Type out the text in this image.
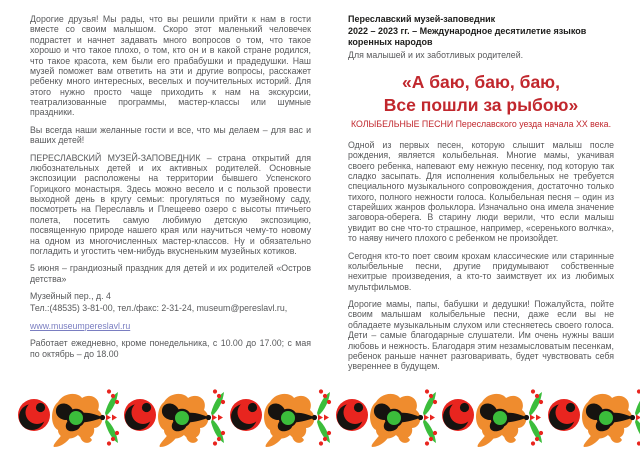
Дорогие друзья! Мы рады, что вы решили прийти к нам в гости вместе со своим малышом. Скоро этот маленький человечек подрастет и начнет задавать много вопросов о том, что такое хорошо и что такое плохо, о том, кто он и в какой стране родился, что такое красота, кем были его прабабушки и прадедушки. Наш музей поможет вам ответить на эти и другие вопросы, расскажет ребенку много интересных, веселых и поучительных историй. Для этого нужно просто чаще приходить к нам на экскурсии, театрализованные программы, мастер-классы или шумные праздники.

Вы всегда наши желанные гости и все, что мы делаем – для вас и ваших детей!

ПЕРЕСЛАВСКИЙ МУЗЕЙ-ЗАПОВЕДНИК – страна открытий для любознательных детей и их активных родителей. Основные экспозиции расположены на территории бывшего Успенского Горицкого монастыря. Здесь можно весело и с пользой провести выходной день в кругу семьи: прогуляться по музейному саду, посмотреть на Переславль и Плещеево озеро с высоты птичьего полета, посетить самую любимую детскую экспозицию, посвященную природе нашего края или научиться чему-то новому на одном из многочисленных мастер-классов. Ну и обязательно погладить и угостить чем-нибудь вкусненьким музейных котиков.

5 июня – грандиозный праздник для детей и их родителей «Остров детства»

Музейный пер., д. 4

Тел.:(48535) 3-81-00, тел./факс: 2-31-24, museum@pereslavl.ru,

www.museumpereslavl.ru

Работает ежедневно, кроме понедельника, с 10.00 до 17.00; с мая по октябрь – до 18.00

Переславский музей-заповедник

2022 – 2023 гг. – Международное десятилетие языков коренных народов

Для малышей и их заботливых родителей.

«А баю, баю, баю,
Все пошли за рыбою»

КОЛЫБЕЛЬНЫЕ ПЕСНИ Переславского уезда начала XX века.

Одной из первых песен, которую слышит малыш после рождения, является колыбельная. Многие мамы, укачивая своего ребенка, напевают ему нежную песенку, под которую так сладко засыпать. Для исполнения колыбельных не требуется специального музыкального сопровождения, достаточно только тихого, полного нежности голоса. Колыбельная песня – один из старейших жанров фольклора. Изначально она имела значение заговора-оберега. В старину люди верили, что если малыш увидит во сне что-то страшное, например, «серенького волчка», то наяву ничего плохого с ребенком не произойдет.

Сегодня кто-то поет своим крохам классические или старинные колыбельные песни, другие придумывают собственные нехитрые произведения, а кто-то заимствует их из любимых мультфильмов.

Дорогие мамы, папы, бабушки и дедушки! Пожалуйста, пойте своим малышам колыбельные песни, даже если вы не обладаете музыкальным слухом или стесняетесь своего голоса. Дети – самые благодарные слушатели. Им очень нужны ваши любовь и нежность. Благодаря этим незамысловатым песенкам, ребенок раньше начнет разговаривать, будет чувствовать себя увереннее в будущем.
